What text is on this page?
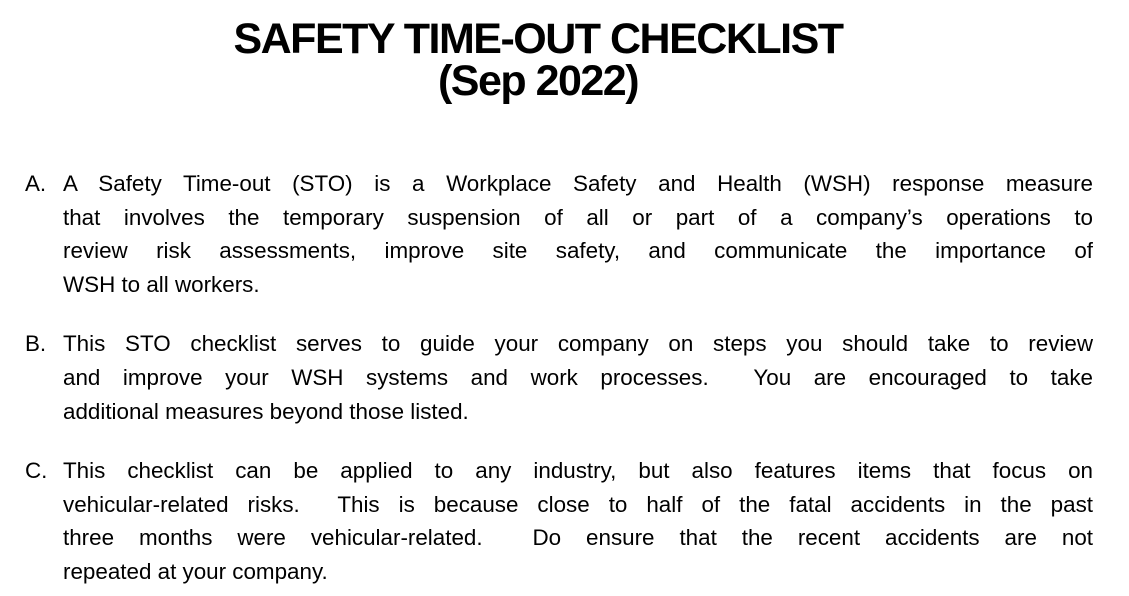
SAFETY TIME-OUT CHECKLIST
(Sep 2022)
A. A Safety Time-out (STO) is a Workplace Safety and Health (WSH) response measure
that involves the temporary suspension of all or part of a company’s operations to
review risk assessments, improve site safety, and communicate the importance of
WSH to all workers.
B. This STO checklist serves to guide your company on steps you should take to review
and improve your WSH systems and work processes.  You are encouraged to take
additional measures beyond those listed.
C. This checklist can be applied to any industry, but also features items that focus on
vehicular-related risks.  This is because close to half of the fatal accidents in the past
three months were vehicular-related.  Do ensure that the recent accidents are not
repeated at your company.
